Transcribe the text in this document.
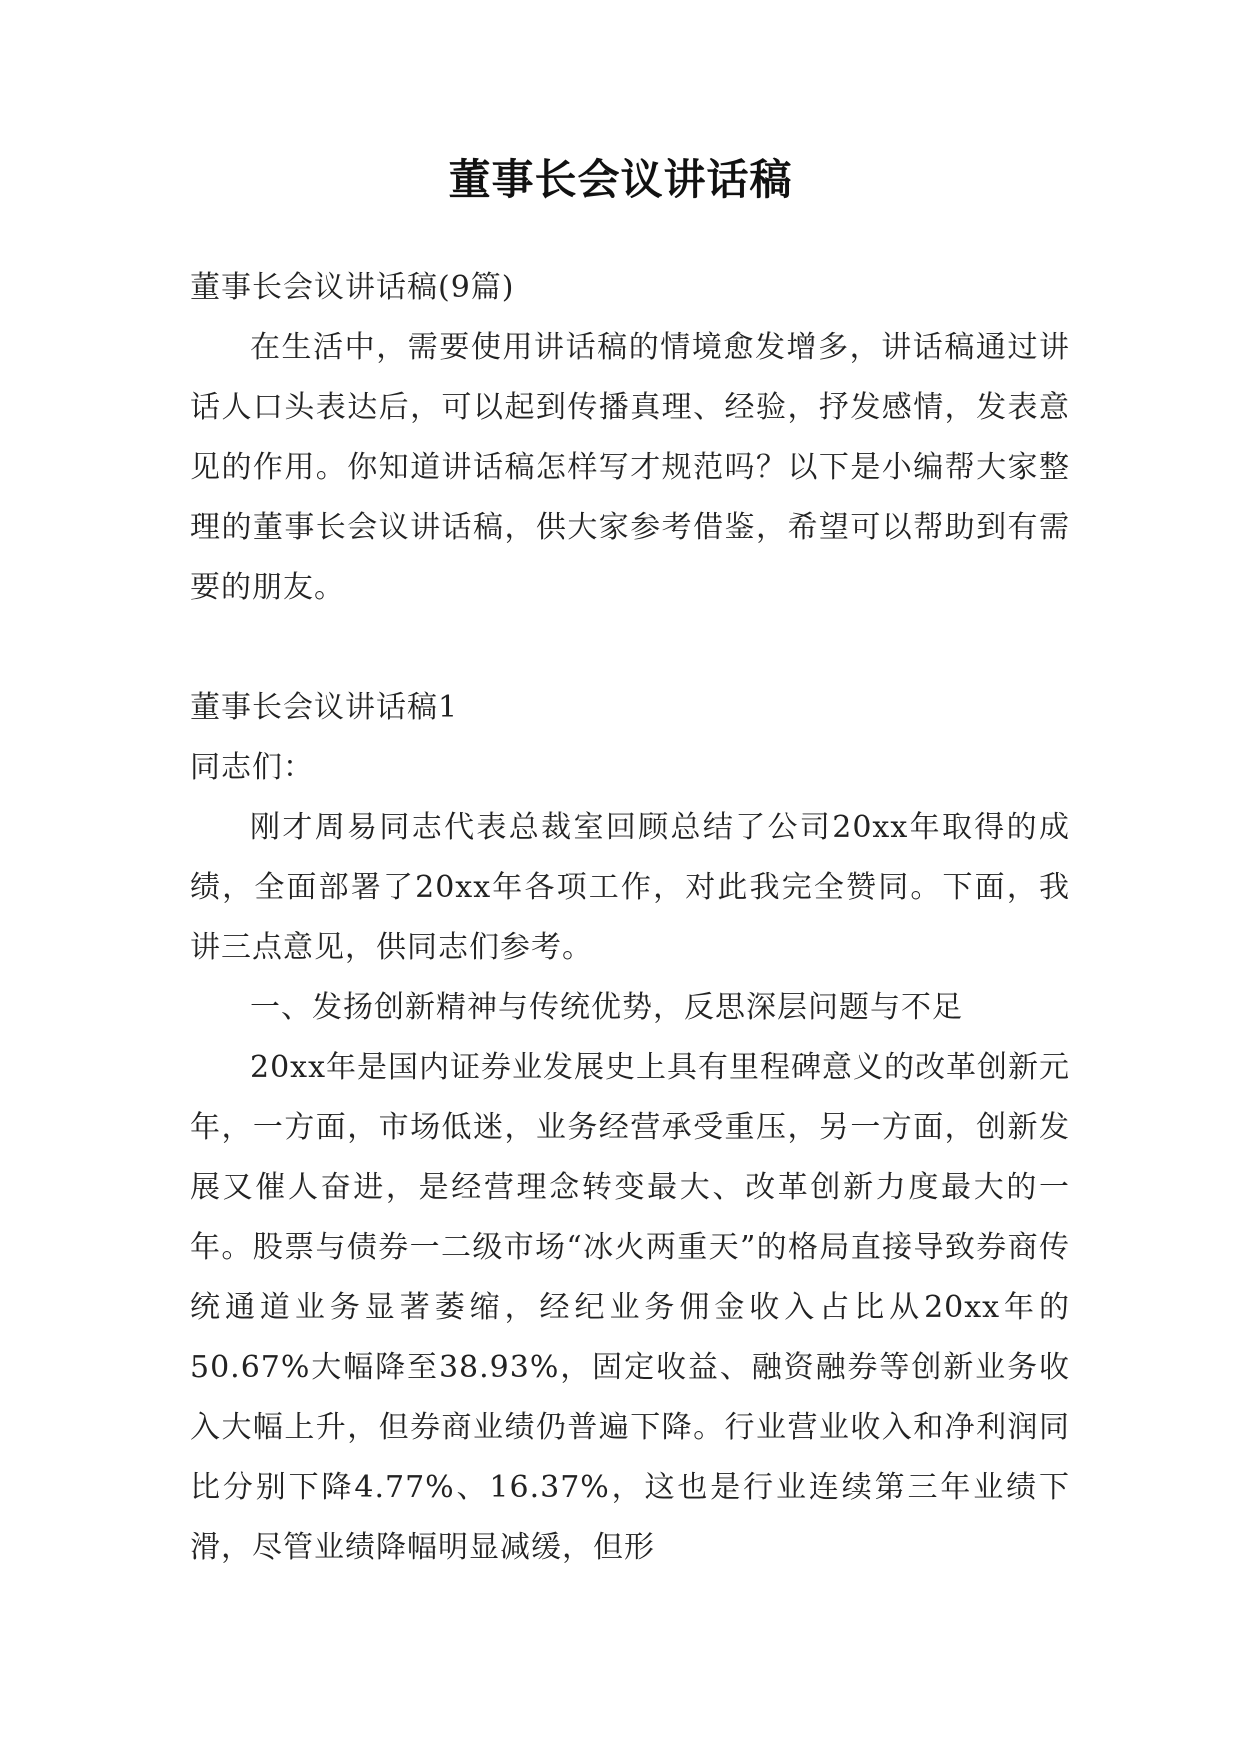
董事长会议讲话稿

董事长会议讲话稿(9篇)

在生活中，需要使用讲话稿的情境愈发增多，讲话稿通过讲话人口头表达后，可以起到传播真理、经验，抒发感情，发表意见的作用。你知道讲话稿怎样写才规范吗？以下是小编帮大家整理的董事长会议讲话稿，供大家参考借鉴，希望可以帮助到有需要的朋友。

董事长会议讲话稿1

同志们：

刚才周易同志代表总裁室回顾总结了公司20xx年取得的成绩，全面部署了20xx年各项工作，对此我完全赞同。下面，我讲三点意见，供同志们参考。

一、发扬创新精神与传统优势，反思深层问题与不足

20xx年是国内证券业发展史上具有里程碑意义的改革创新元年，一方面，市场低迷，业务经营承受重压，另一方面，创新发展又催人奋进，是经营理念转变最大、改革创新力度最大的一年。股票与债券一二级市场“冰火两重天”的格局直接导致券商传统通道业务显著萎缩，经纪业务佣金收入占比从20xx年的50.67%大幅降至38.93%，固定收益、融资融券等创新业务收入大幅上升，但券商业绩仍普遍下降。行业营业收入和净利润同比分别下降4.77%、16.37%，这也是行业连续第三年业绩下滑，尽管业绩降幅明显减缓，但形
